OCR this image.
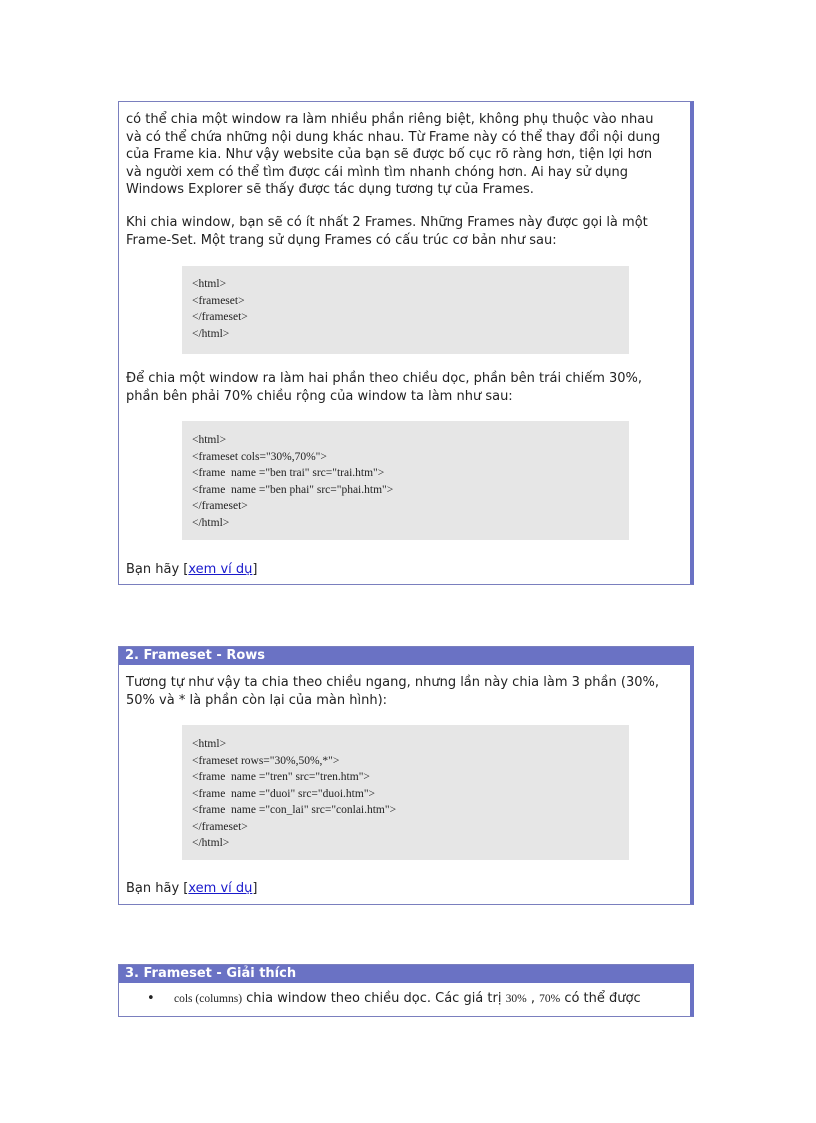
có thể chia một window ra làm nhiều phần riêng biệt, không phụ thuộc vào nhau
và có thể chứa những nội dung khác nhau. Từ Frame này có thể thay đổi nội dung
của Frame kia. Như vậy website của bạn sẽ được bố cục rõ ràng hơn, tiện lợi hơn
và người xem có thể tìm được cái mình tìm nhanh chóng hơn. Ai hay sử dụng
Windows Explorer sẽ thấy được tác dụng tương tự của Frames.
Khi chia window, bạn sẽ có ít nhất 2 Frames. Những Frames này được gọi là một
Frame-Set. Một trang sử dụng Frames có cấu trúc cơ bản như sau:
<html>
<frameset>
</frameset>
</html>
Để chia một window ra làm hai phần theo chiều dọc, phần bên trái chiếm 30%,
phần bên phải 70% chiều rộng của window ta làm như sau:
<html>
<frameset cols="30%,70%">
<frame  name ="ben trai" src="trai.htm">
<frame  name ="ben phai" src="phai.htm">
</frameset>
</html>
Bạn hãy [xem ví dụ]
2. Frameset - Rows
Tương tự như vậy ta chia theo chiều ngang, nhưng lần này chia làm 3 phần (30%,
50% và * là phần còn lại của màn hình):
<html>
<frameset rows="30%,50%,*">
<frame  name ="tren" src="tren.htm">
<frame  name ="duoi" src="duoi.htm">
<frame  name ="con_lai" src="conlai.htm">
</frameset>
</html>
Bạn hãy [xem ví dụ]
3. Frameset - Giải thích
• cols (columns) chia window theo chiều dọc. Các giá trị 30% , 70% có thể được
